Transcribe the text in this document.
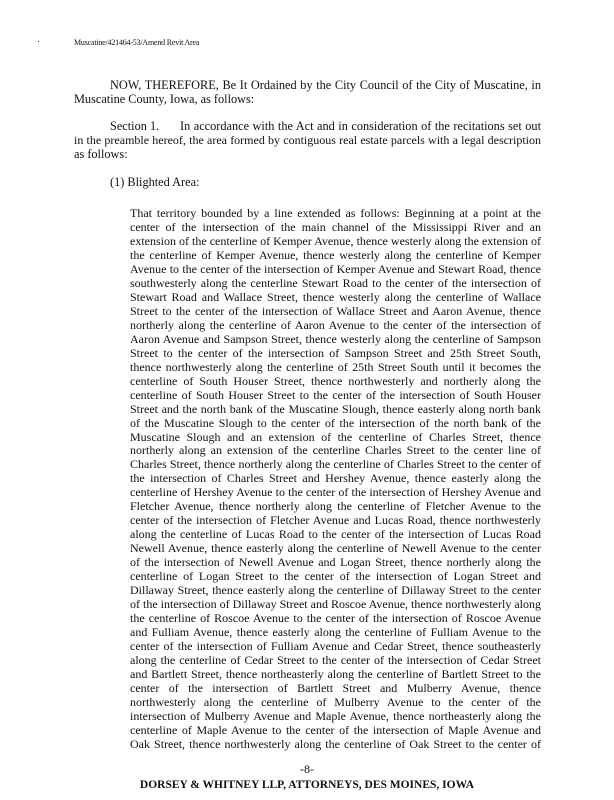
Muscatine/421464-53/Amend Revit Area
NOW, THEREFORE, Be It Ordained by the City Council of the City of Muscatine, in
Muscatine County, Iowa, as follows:
Section 1. In accordance with the Act and in consideration of the recitations set out
in the preamble hereof, the area formed by contiguous real estate parcels with a legal description
as follows:
(1) Blighted Area:
That territory bounded by a line extended as follows: Beginning at a point at the
center of the intersection of the main channel of the Mississippi River and an
extension of the centerline of Kemper Avenue, thence westerly along the extension of
the centerline of Kemper Avenue, thence westerly along the centerline of Kemper
Avenue to the center of the intersection of Kemper Avenue and Stewart Road, thence
southwesterly along the centerline Stewart Road to the center of the intersection of
Stewart Road and Wallace Street, thence westerly along the centerline of Wallace
Street to the center of the intersection of Wallace Street and Aaron Avenue, thence
northerly along the centerline of Aaron Avenue to the center of the intersection of
Aaron Avenue and Sampson Street, thence westerly along the centerline of Sampson
Street to the center of the intersection of Sampson Street and 25th Street South,
thence northwesterly along the centerline of 25th Street South until it becomes the
centerline of South Houser Street, thence northwesterly and northerly along the
centerline of South Houser Street to the center of the intersection of South Houser
Street and the north bank of the Muscatine Slough, thence easterly along north bank
of the Muscatine Slough to the center of the intersection of the north bank of the
Muscatine Slough and an extension of the centerline of Charles Street, thence
northerly along an extension of the centerline Charles Street to the center line of
Charles Street, thence northerly along the centerline of Charles Street to the center of
the intersection of Charles Street and Hershey Avenue, thence easterly along the
centerline of Hershey Avenue to the center of the intersection of Hershey Avenue and
Fletcher Avenue, thence northerly along the centerline of Fletcher Avenue to the
center of the intersection of Fletcher Avenue and Lucas Road, thence northwesterly
along the centerline of Lucas Road to the center of the intersection of Lucas Road
Newell Avenue, thence easterly along the centerline of Newell Avenue to the center
of the intersection of Newell Avenue and Logan Street, thence northerly along the
centerline of Logan Street to the center of the intersection of Logan Street and
Dillaway Street, thence easterly along the centerline of Dillaway Street to the center
of the intersection of Dillaway Street and Roscoe Avenue, thence northwesterly along
the centerline of Roscoe Avenue to the center of the intersection of Roscoe Avenue
and Fulliam Avenue, thence easterly along the centerline of Fulliam Avenue to the
center of the intersection of Fulliam Avenue and Cedar Street, thence southeasterly
along the centerline of Cedar Street to the center of the intersection of Cedar Street
and Bartlett Street, thence northeasterly along the centerline of Bartlett Street to the
center of the intersection of Bartlett Street and Mulberry Avenue, thence
northwesterly along the centerline of Mulberry Avenue to the center of the
intersection of Mulberry Avenue and Maple Avenue, thence northeasterly along the
centerline of Maple Avenue to the center of the intersection of Maple Avenue and
Oak Street, thence northwesterly along the centerline of Oak Street to the center of
-8-
DORSEY & WHITNEY LLP, ATTORNEYS, DES MOINES, IOWA
